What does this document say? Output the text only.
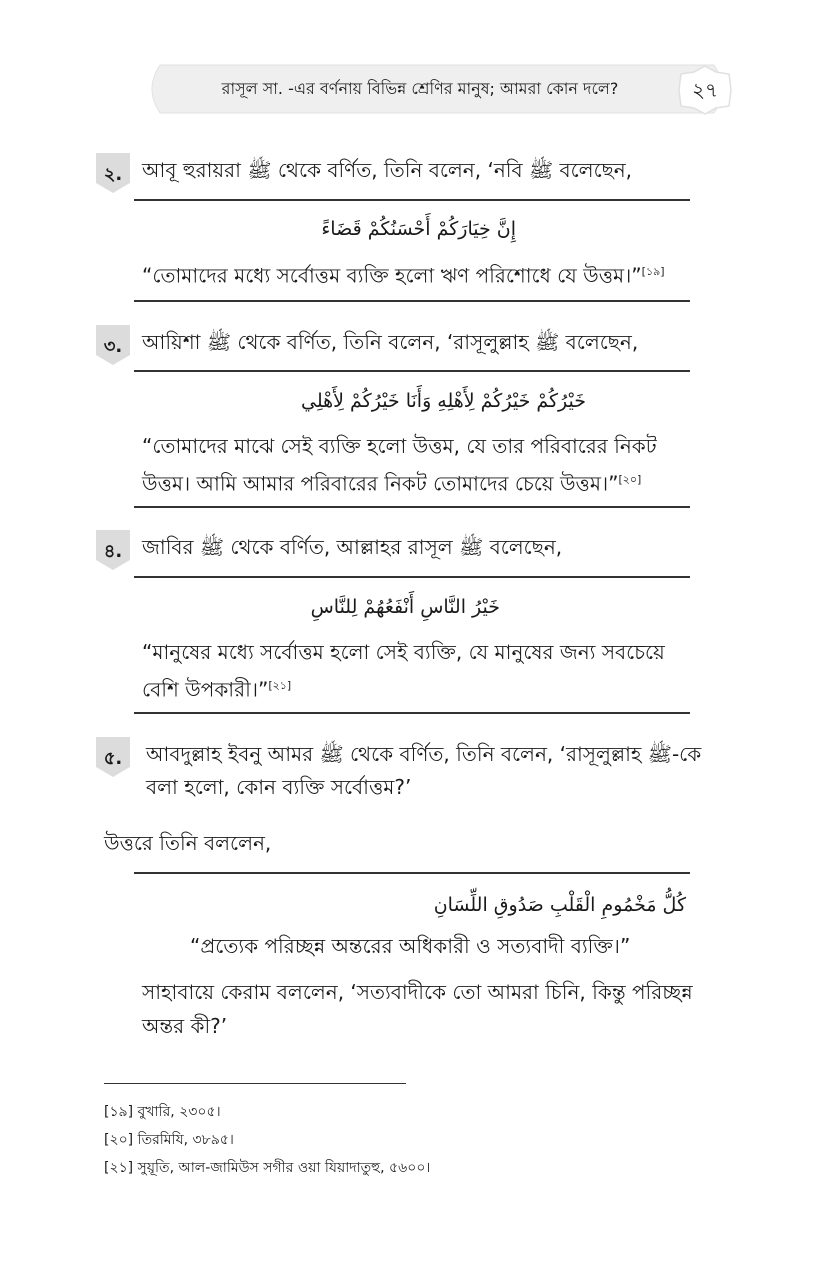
রাসূল সা. -এর বর্ণনায় বিভিন্ন শ্রেণির মানুষ; আমরা কোন দলে?	২৭
২. আবূ হুরায়রা ﷺ থেকে বর্ণিত, তিনি বলেন, ‘নবি ﷺ বলেছেন,
إِنَّ خِيَارَكُمْ أَحْسَنُكُمْ قَضَاءً
“তোমাদের মধ্যে সর্বোত্তম ব্যক্তি হলো ঋণ পরিশোধে যে উত্তম।”[১৯]
৩. আয়িশা ﷺ থেকে বর্ণিত, তিনি বলেন, ‘রাসূলুল্লাহ ﷺ বলেছেন,
خَيْرُكُمْ خَيْرُكُمْ لِأَهْلِهِ وَأَنَا خَيْرُكُمْ لِأَهْلِي
“তোমাদের মাঝে সেই ব্যক্তি হলো উত্তম, যে তার পরিবারের নিকট
উত্তম। আমি আমার পরিবারের নিকট তোমাদের চেয়ে উত্তম।”[২০]
৪. জাবির ﷺ থেকে বর্ণিত, আল্লাহর রাসূল ﷺ বলেছেন,
خَيْرُ النَّاسِ أَنْفَعُهُمْ لِلنَّاسِ
“মানুষের মধ্যে সর্বোত্তম হলো সেই ব্যক্তি, যে মানুষের জন্য সবচেয়ে
বেশি উপকারী।”[২১]
৫.	আবদুল্লাহ ইবনু আমর ﷺ থেকে বর্ণিত, তিনি বলেন, ‘রাসূলুল্লাহ ﷺ-কে
বলা হলো, কোন ব্যক্তি সর্বোত্তম?’
উত্তরে তিনি বললেন,
كُلُّ مَخْمُومِ الْقَلْبِ صَدُوقِ اللِّسَانِ
“প্রত্যেক পরিচ্ছন্ন অন্তরের অধিকারী ও সত্যবাদী ব্যক্তি।”
সাহাবায়ে কেরাম বললেন, ‘সত্যবাদীকে তো আমরা চিনি, কিন্তু পরিচ্ছন্ন
অন্তর কী?’
[১৯] বুখারি, ২৩০৫।
[২০] তিরমিযি, ৩৮৯৫।
[২১] সুয়ূতি, আল-জামিউস সগীর ওয়া যিয়াদাতুহু, ৫৬০০।
